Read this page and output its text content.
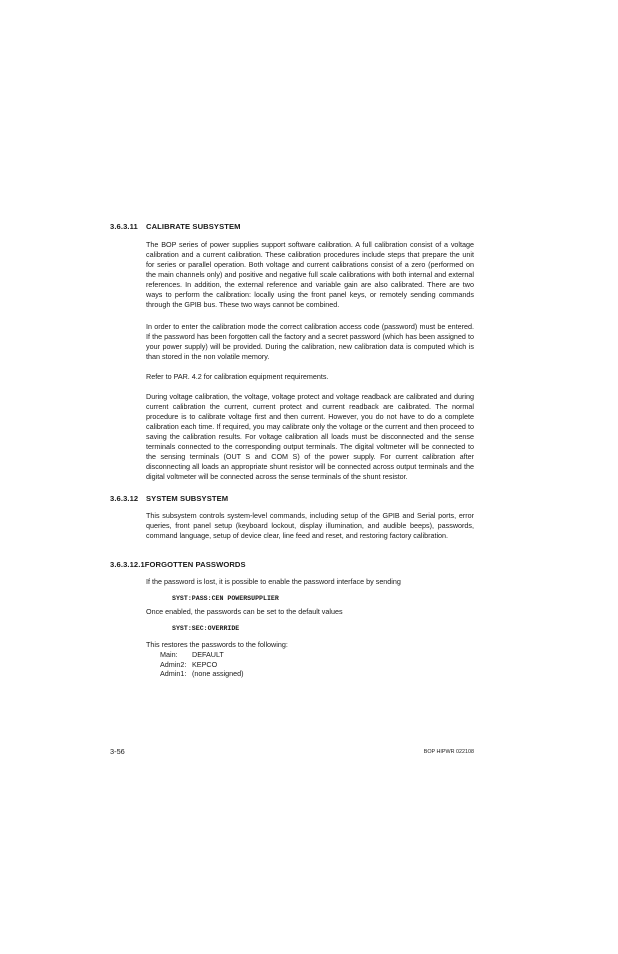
3.6.3.11 CALIBRATE SUBSYSTEM
The BOP series of power supplies support software calibration. A full calibration consist of a voltage calibration and a current calibration. These calibration procedures include steps that prepare the unit for series or parallel operation. Both voltage and current calibrations consist of a zero (performed on the main channels only) and positive and negative full scale calibrations with both internal and external references. In addition, the external reference and variable gain are also calibrated. There are two ways to perform the calibration: locally using the front panel keys, or remotely sending commands through the GPIB bus. These two ways cannot be combined.
In order to enter the calibration mode the correct calibration access code (password) must be entered. If the password has been forgotten call the factory and a secret password (which has been assigned to your power supply) will be provided. During the calibration, new calibration data is computed which is than stored in the non volatile memory.
Refer to PAR. 4.2 for calibration equipment requirements.
During voltage calibration, the voltage, voltage protect and voltage readback are calibrated and during current calibration the current, current protect and current readback are calibrated. The normal procedure is to calibrate voltage first and then current. However, you do not have to do a complete calibration each time. If required, you may calibrate only the voltage or the current and then proceed to saving the calibration results. For voltage calibration all loads must be disconnected and the sense terminals connected to the corresponding output terminals. The digital voltmeter will be connected to the sensing terminals (OUT S and COM S) of the power supply. For current calibration after disconnecting all loads an appropriate shunt resistor will be connected across output terminals and the digital voltmeter will be connected across the sense terminals of the shunt resistor.
3.6.3.12 SYSTEM SUBSYSTEM
This subsystem controls system-level commands, including setup of the GPIB and Serial ports, error queries, front panel setup (keyboard lockout, display illumination, and audible beeps), passwords, command language, setup of device clear, line feed and reset, and restoring factory calibration.
3.6.3.12.1FORGOTTEN PASSWORDS
If the password is lost, it is possible to enable the password interface by sending
SYST:PASS:CEN POWERSUPPLIER
Once enabled, the passwords can be set to the default values
SYST:SEC:OVERRIDE
This restores the passwords to the following:
Main:	DEFAULT
Admin2: KEPCO
Admin1: (none assigned)
3-56	BOP HIPWR 022108
